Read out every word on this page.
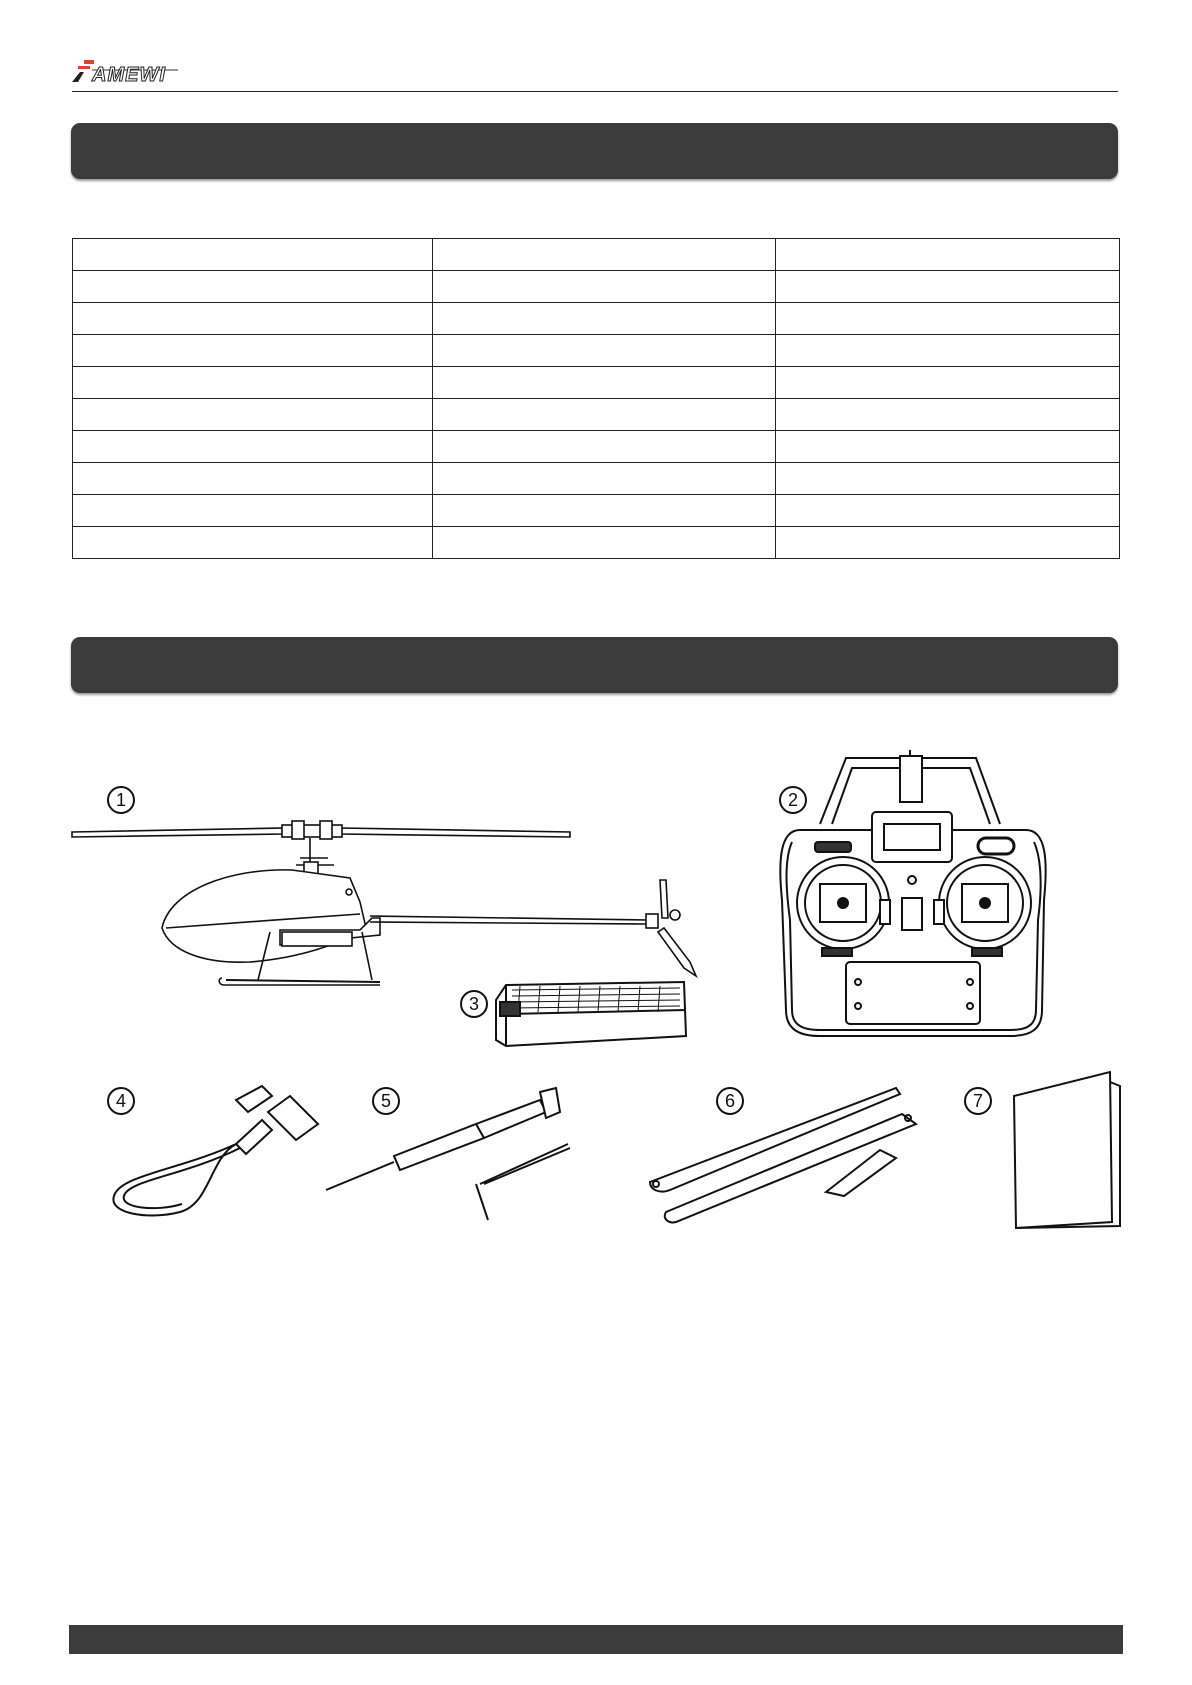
AMEWI

1	2
3
4	5	6	7
